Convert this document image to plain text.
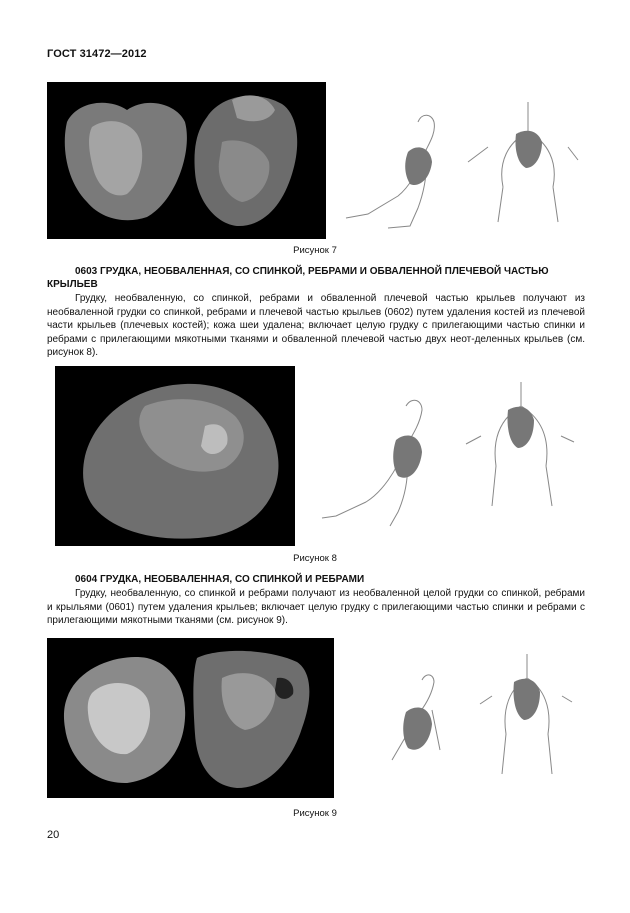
ГОСТ 31472—2012
Рисунок 7
0603 ГРУДКА, НЕОБВАЛЕННАЯ, СО СПИНКОЙ, РЕБРАМИ И ОБВАЛЕННОЙ ПЛЕЧЕВОЙ ЧАСТЬЮ КРЫЛЬЕВ
Грудку, необваленную, со спинкой, ребрами и обваленной плечевой частью крыльев получают из необваленной грудки со спинкой, ребрами и плечевой частью крыльев (0602) путем удаления костей из плечевой части крыльев (плечевых костей); кожа шеи удалена; включает целую грудку с прилегающими частью спинки и ребрами с прилегающими мякотными тканями и обваленной плечевой частью двух неот-деленных крыльев (см. рисунок 8).
Рисунок 8
0604 ГРУДКА, НЕОБВАЛЕННАЯ, СО СПИНКОЙ И РЕБРАМИ
Грудку, необваленную, со спинкой и ребрами получают из необваленной целой грудки со спинкой, ребрами и крыльями (0601) путем удаления крыльев; включает целую грудку с прилегающими частью спинки и ребрами с прилегающими мякотными тканями (см. рисунок 9).
Рисунок 9
20
